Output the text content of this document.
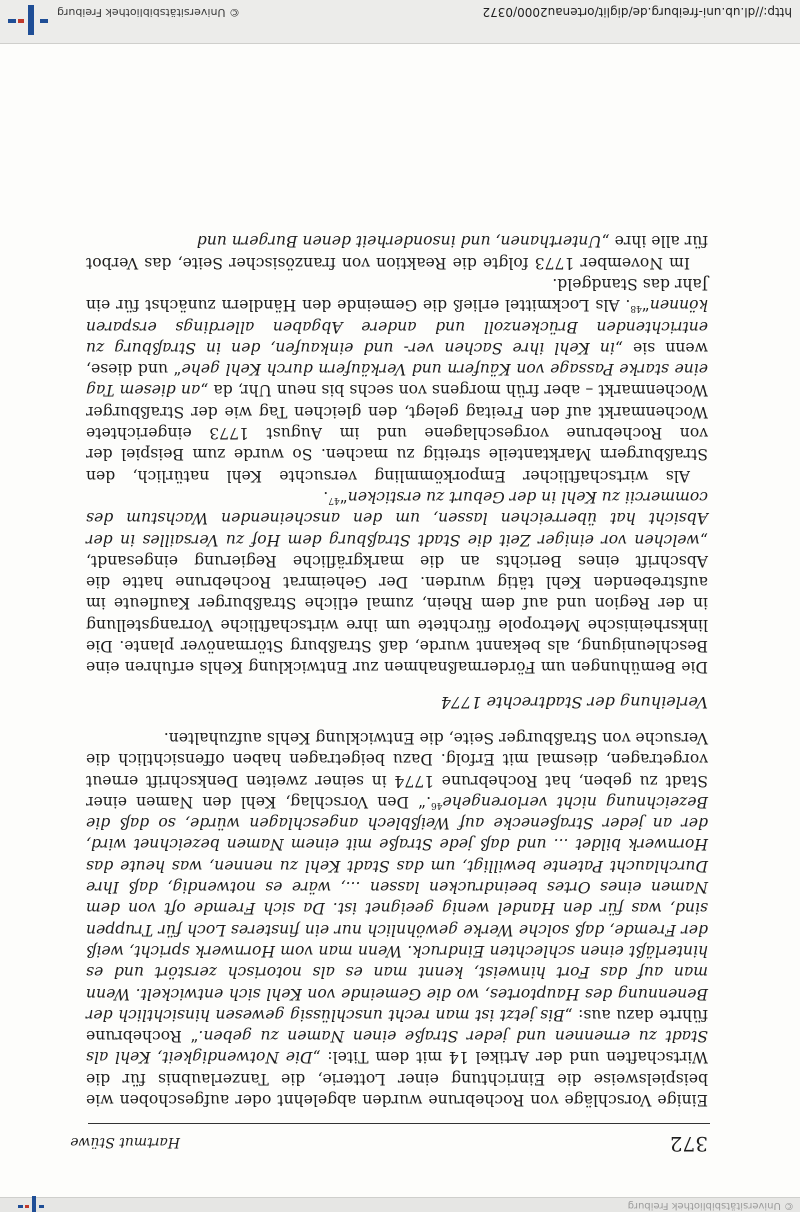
© Universitätsbibliothek Freiburg
372
Hartmut Stüwe

Einige Vorschläge von Rochebrune wurden abgelehnt oder aufgeschoben wie beispielsweise die Einrichtung einer Lotterie, die Tanzerlaubnis für die Wirtschaften und der Artikel 14 mit dem Titel: „Die Notwendigkeit, Kehl als Stadt zu ernennen und jeder Straße einen Namen zu geben.“ Rochebrune führte dazu aus: „Bis jetzt ist man recht unschlüssig gewesen hinsichtlich der Benennung des Hauptortes, wo die Gemeinde von Kehl sich entwickelt. Wenn man auf das Fort hinweist, kennt man es als notorisch zerstört und es hinterläßt einen schlechten Eindruck. Wenn man vom Hornwerk spricht, weiß der Fremde, daß solche Werke gewöhnlich nur ein finsteres Loch für Truppen sind, was für den Handel wenig geeignet ist. Da sich Fremde oft von dem Namen eines Ortes beeindrucken lassen ..., wäre es notwendig, daß Ihre Durchlaucht Patente bewilligt, um das Stadt Kehl zu nennen, was heute das Hornwerk bildet ... und daß jede Straße mit einem Namen bezeichnet wird, der an jeder Straßenecke auf Weißblech angeschlagen würde, so daß die Bezeichnung nicht verlorengehe$^{46}$.“ Den Vorschlag, Kehl den Namen einer Stadt zu geben, hat Rochebrune 1774 in seiner zweiten Denkschrift erneut vorgetragen, diesmal mit Erfolg. Dazu beigetragen haben offensichtlich die Versuche von Straßburger Seite, die Entwicklung Kehls aufzuhalten.

Verleihung der Stadtrechte 1774

Die Bemühungen um Fördermaßnahmen zur Entwicklung Kehls erfuhren eine Beschleunigung, als bekannt wurde, daß Straßburg Störmanöver plante. Die linksrheinische Metropole fürchtete um ihre wirtschaftliche Vorrangstellung in der Region und auf dem Rhein, zumal etliche Straßburger Kaufleute im aufstrebenden Kehl tätig wurden. Der Geheimrat Rochebrune hatte die Abschrift eines Berichts an die markgräfliche Regierung eingesandt, „welchen vor einiger Zeit die Stadt Straßburg dem Hof zu Versailles in der Absicht hat überreichen lassen, um den anscheinenden Wachstum des commercii zu Kehl in der Geburt zu ersticken“$^{47}$.

Als wirtschaftlicher Emporkömmling versuchte Kehl natürlich, den Straßburgern Marktanteile streitig zu machen. So wurde zum Beispiel der von Rochebrune vorgeschlagene und im August 1773 eingerichtete Wochenmarkt auf den Freitag gelegt, den gleichen Tag wie der Straßburger Wochenmarkt – aber früh morgens von sechs bis neun Uhr, da „an diesem Tag eine starke Passage von Käufern und Verkäufern durch Kehl gehe“ und diese, wenn sie „in Kehl ihre Sachen ver- und einkaufen, den in Straßburg zu entrichtenden Brückenzoll und andere Abgaben allerdings ersparen können“$^{48}$. Als Lockmittel erließ die Gemeinde den Händlern zunächst für ein Jahr das Standgeld.

Im November 1773 folgte die Reaktion von französischer Seite, das Verbot für alle ihre „Unterthanen, und insonderheit denen Burgern und

http://dl.ub.uni-freiburg.de/diglit/ortenau2000/0372
© Universitätsbibliothek Freiburg
